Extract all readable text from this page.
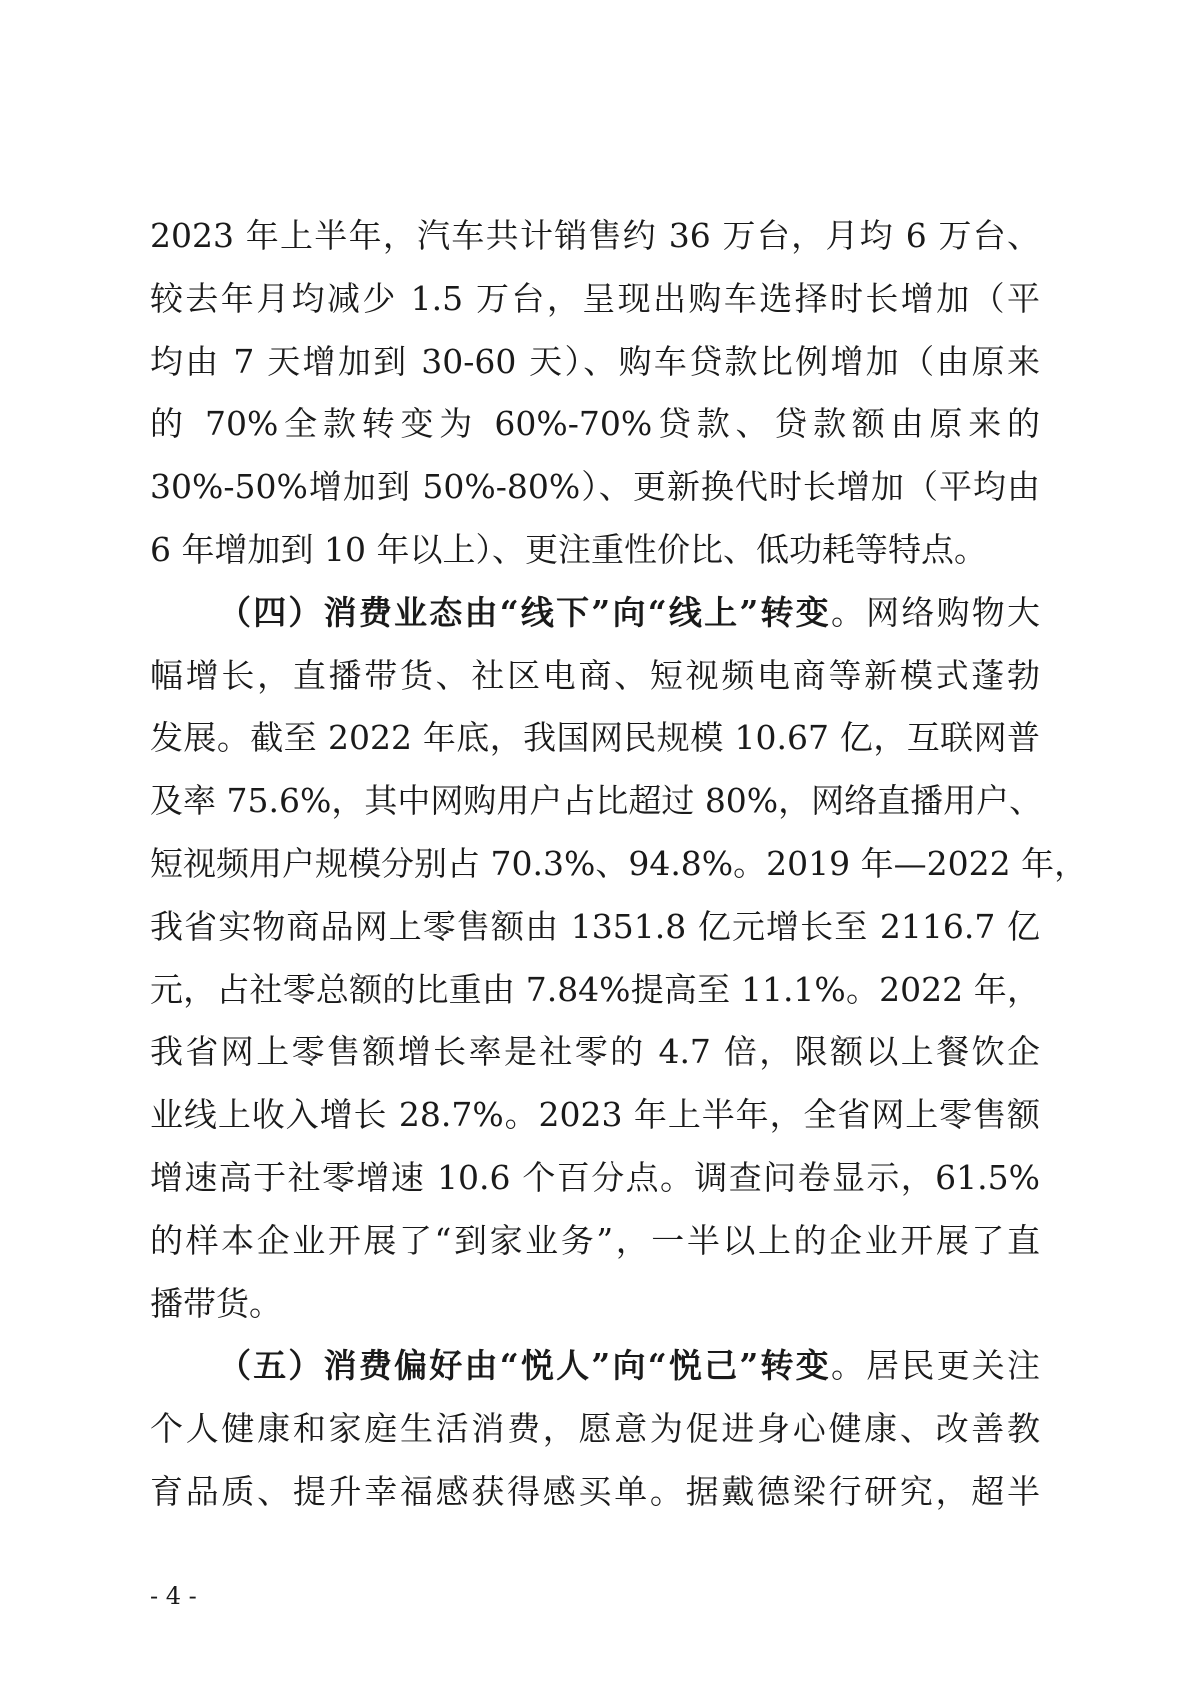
2023 年上半年，汽车共计销售约 36 万台，月均 6 万台、
较去年月均减少 1.5 万台，呈现出购车选择时长增加（平
均由 7 天增加到 30-60 天）、购车贷款比例增加（由原来
的 70%全款转变为 60%-70%贷款、贷款额由原来的
30%-50%增加到 50%-80%）、更新换代时长增加（平均由
6 年增加到 10 年以上）、更注重性价比、低功耗等特点。
（四）消费业态由“线下”向“线上”转变。网络购物大
幅增长，直播带货、社区电商、短视频电商等新模式蓬勃
发展。截至 2022 年底，我国网民规模 10.67 亿，互联网普
及率 75.6%，其中网购用户占比超过 80%，网络直播用户、
短视频用户规模分别占 70.3%、94.8%。2019 年—2022 年，
我省实物商品网上零售额由 1351.8 亿元增长至 2116.7 亿
元，占社零总额的比重由 7.84%提高至 11.1%。2022 年，
我省网上零售额增长率是社零的 4.7 倍，限额以上餐饮企
业线上收入增长 28.7%。2023 年上半年，全省网上零售额
增速高于社零增速 10.6 个百分点。调查问卷显示，61.5%
的样本企业开展了“到家业务”，一半以上的企业开展了直
播带货。
（五）消费偏好由“悦人”向“悦己”转变。居民更关注
个人健康和家庭生活消费，愿意为促进身心健康、改善教
育品质、提升幸福感获得感买单。据戴德梁行研究，超半
- 4 -
